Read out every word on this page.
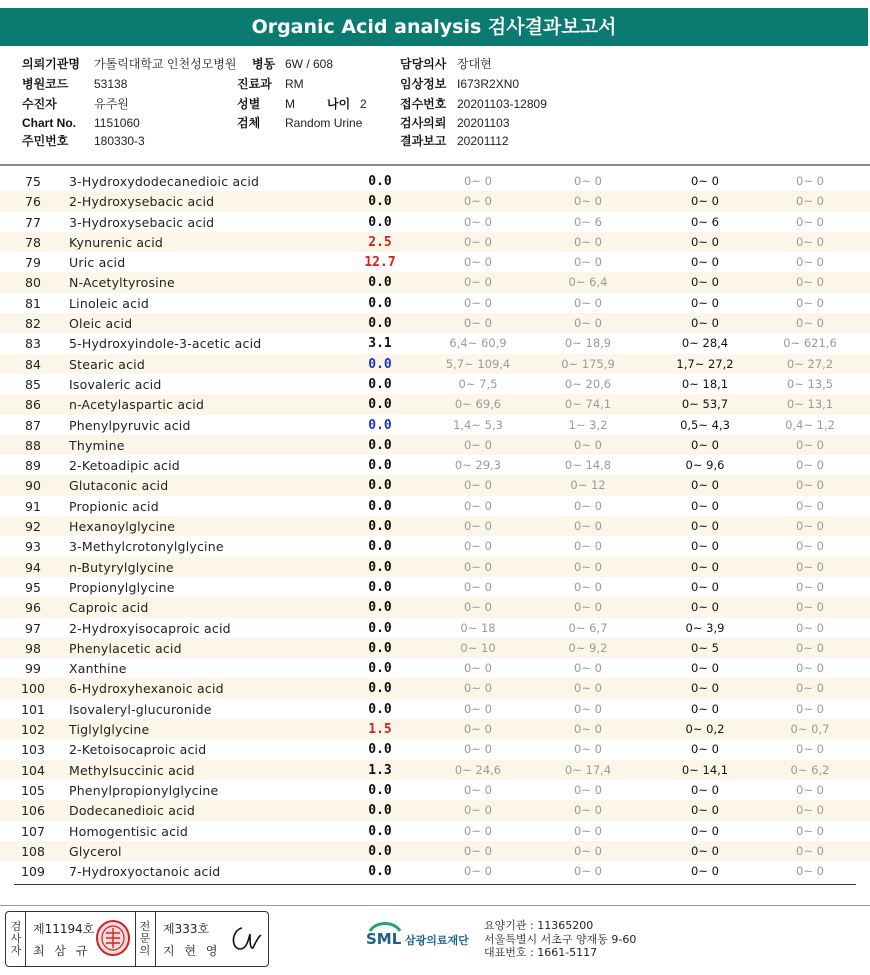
Organic Acid analysis 검사결과보고서
의뢰기관명 가톨릭대학교 인천성모병원 병동 6W / 608	담당의사 장대현
병원코드 53138	진료과 RM	임상정보 I673R2XN0
수진자	유주원	성별 M	나이 2	접수번호 20201103-12809
Chart No. 1151060	검체 Random Urine	검사의뢰 20201103
주민번호 180330-3	결과보고 20201112
75	3-Hydroxydodecanedioic acid	0.0	0~ 0	0~ 0	0~ 0	0~ 0
76	2-Hydroxysebacic acid	0.0	0~ 0	0~ 0	0~ 0	0~ 0
77	3-Hydroxysebacic acid	0.0	0~ 0	0~ 6	0~ 6	0~ 0
78	Kynurenic acid	2.5	0~ 0	0~ 0	0~ 0	0~ 0
79	Uric acid	12.7	0~ 0	0~ 0	0~ 0	0~ 0
80	N-Acetyltyrosine	0.0	0~ 0	0~ 6,4	0~ 0	0~ 0
81	Linoleic acid	0.0	0~ 0	0~ 0	0~ 0	0~ 0
82	Oleic acid	0.0	0~ 0	0~ 0	0~ 0	0~ 0
83	5-Hydroxyindole-3-acetic acid	3.1	6,4~ 60,9	0~ 18,9	0~ 28,4	0~ 621,6
84	Stearic acid	0.0	5,7~ 109,4	0~ 175,9	1,7~ 27,2	0~ 27,2
85	Isovaleric acid	0.0	0~ 7,5	0~ 20,6	0~ 18,1	0~ 13,5
86	n-Acetylaspartic acid	0.0	0~ 69,6	0~ 74,1	0~ 53,7	0~ 13,1
87	Phenylpyruvic acid	0.0	1,4~ 5,3	1~ 3,2	0,5~ 4,3	0,4~ 1,2
88	Thymine	0.0	0~ 0	0~ 0	0~ 0	0~ 0
89	2-Ketoadipic acid	0.0	0~ 29,3	0~ 14,8	0~ 9,6	0~ 0
90	Glutaconic acid	0.0	0~ 0	0~ 12	0~ 0	0~ 0
91	Propionic acid	0.0	0~ 0	0~ 0	0~ 0	0~ 0
92	Hexanoylglycine	0.0	0~ 0	0~ 0	0~ 0	0~ 0
93	3-Methylcrotonylglycine	0.0	0~ 0	0~ 0	0~ 0	0~ 0
94	n-Butyrylglycine	0.0	0~ 0	0~ 0	0~ 0	0~ 0
95	Propionylglycine	0.0	0~ 0	0~ 0	0~ 0	0~ 0
96	Caproic acid	0.0	0~ 0	0~ 0	0~ 0	0~ 0
97	2-Hydroxyisocaproic acid	0.0	0~ 18	0~ 6,7	0~ 3,9	0~ 0
98	Phenylacetic acid	0.0	0~ 10	0~ 9,2	0~ 5	0~ 0
99	Xanthine	0.0	0~ 0	0~ 0	0~ 0	0~ 0
100 6-Hydroxyhexanoic acid	0.0	0~ 0	0~ 0	0~ 0	0~ 0
101 Isovaleryl-glucuronide	0.0	0~ 0	0~ 0	0~ 0	0~ 0
102 Tiglylglycine	1.5	0~ 0	0~ 0	0~ 0,2	0~ 0,7
103 2-Ketoisocaproic acid	0.0	0~ 0	0~ 0	0~ 0	0~ 0
104 Methylsuccinic acid	1.3	0~ 24,6	0~ 17,4	0~ 14,1	0~ 6,2
105 Phenylpropionylglycine	0.0	0~ 0	0~ 0	0~ 0	0~ 0
106 Dodecanedioic acid	0.0	0~ 0	0~ 0	0~ 0	0~ 0
107 Homogentisic acid	0.0	0~ 0	0~ 0	0~ 0	0~ 0
108 Glycerol	0.0	0~ 0	0~ 0	0~ 0	0~ 0
109 7-Hydroxyoctanoic acid	0.0	0~ 0	0~ 0	0~ 0	0~ 0
검사자
제11194호
최 삼 규
전문의
제333호
지 현 영
SML 삼광의료재단
요양기관 : 11365200
서울특별시 서초구 양재동 9-60
대표번호 : 1661-5117
